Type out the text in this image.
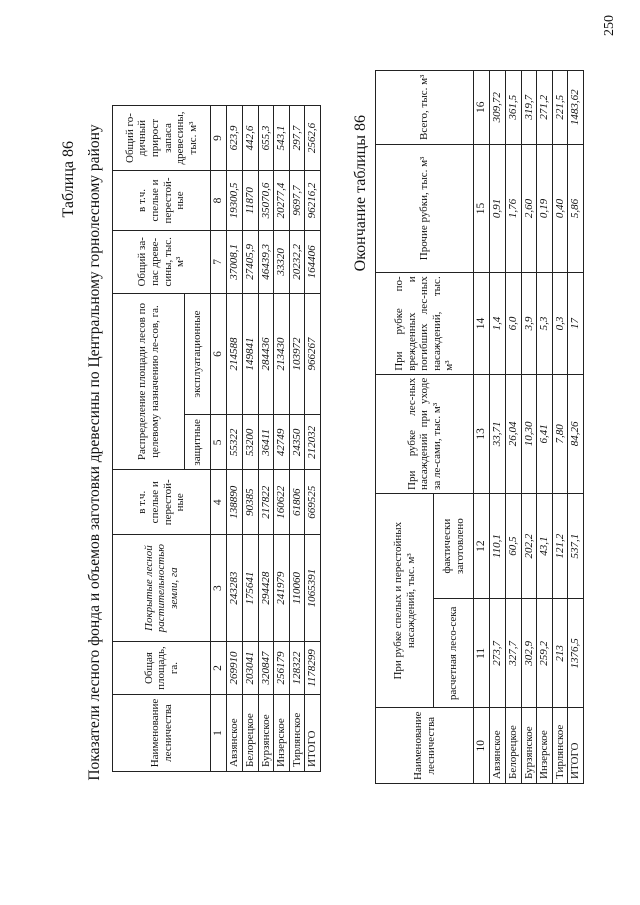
250
Таблица 86 Показатели лесного фонда и объемов заготовки древесины по Центральному горнолесному району	Наименование лесничества	Общая площадь, га.	Покрытые лесной растительностью земли, га	в т.ч. спелые и перестой-ные	Распределение площади лесов по целевому назначению ле-сов, га.		Общий за-пас древе-сины, тыс. м³	в т.ч. спелые и перестой-ные	Общий го-дичный прирост запаса древесины, тыс. м³
				защитные	эксплуатационные			
1	2	3	4	5	6	7	8	9
Авзянское	269910	243283	138890	55322	214588	37008,1	19300,5	623,9
Белорецкое	203041	175641	90385	53200	149841	27405,9	11870	442,6
Бурзянское	320847	294428	217822	36411	284436	46439,3	35070,6	655,3
Инзерское	256179	241979	160622	42749	213430	33320	20277,4	543,1
Тирлянское	128322	110060	61806	24350	103972	20232,2	9697,7	297,7
ИТОГО	1178299	1065391	669525	212032	966267	164406	96216,2	2562,6 Окончание таблицы 86
Наименование лесничества	При рубке спелых и перестойных насаждений, тыс. м³		При рубке лес-ных насаждений при уходе за ле-сами, тыс. м³	При рубке по-врежденных и погибших лес-ных насаждений, тыс. м³	Прочие рубки, тыс. м³	Всего, тыс. м³
	расчетная лесо-сека	фактически заготовлено				
10	11	12	13	14	15	16
Авзянское	273,7	110,1	33,71	1,4	0,91	309,72
Белорецкое	327,7	60,5	26,04	6,0	1,76	361,5
Бурзянское	302,9	202,2	10,30	3,9	2,60	319,7
Инзерское	259,2	43,1	6,41	5,3	0,19	271,2
Тирлянское	213	121,2	7,80	0,3	0,40	221,5
ИТОГО	1376,5	537,1	84,26	17	5,86	1483,62
